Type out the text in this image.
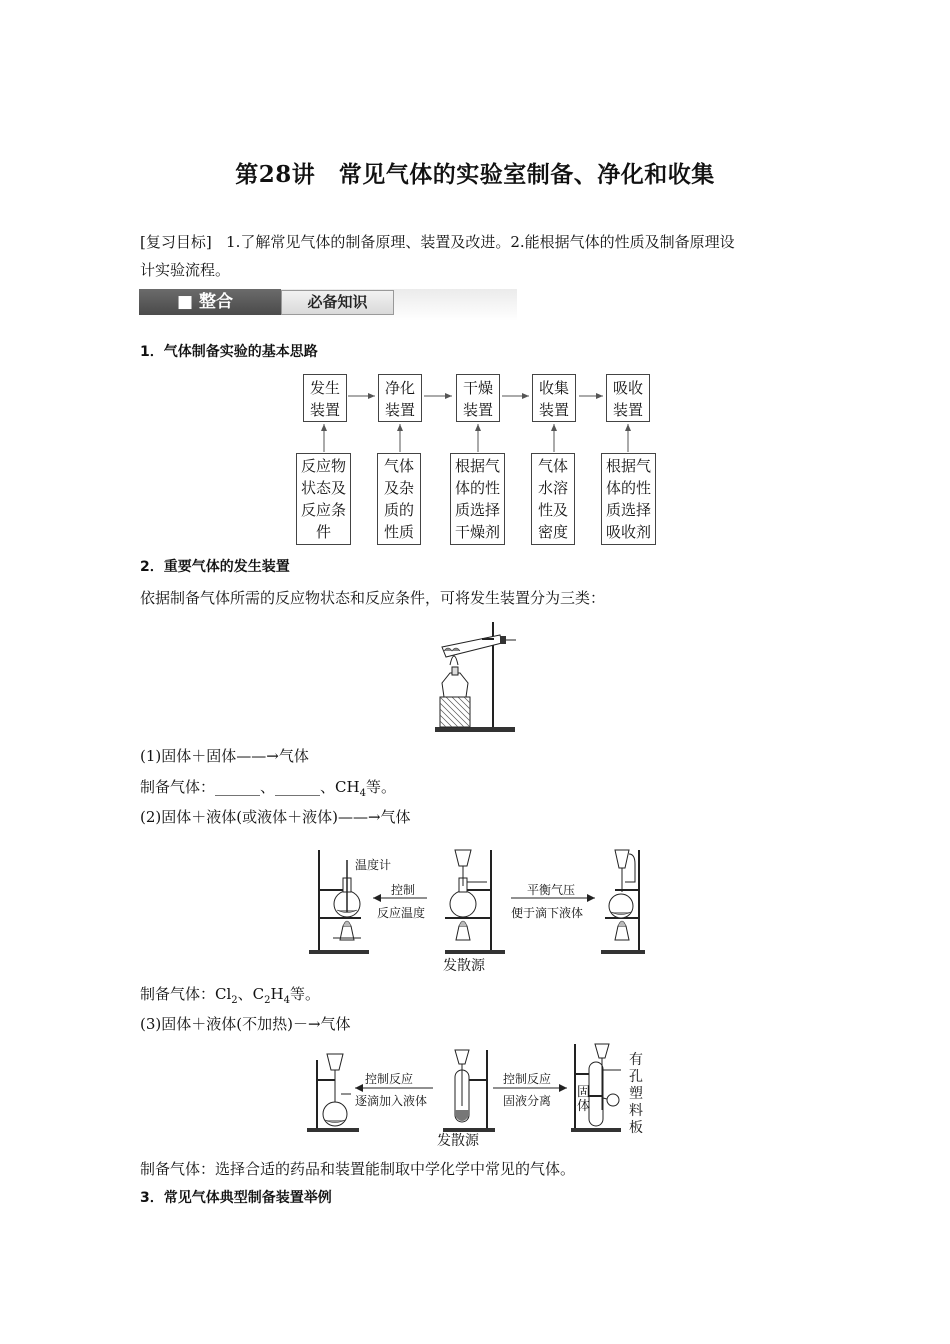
第28讲　常见气体的实验室制备、净化和收集
[复习目标] 1.了解常见气体的制备原理、装置及改进。2.能根据气体的性质及制备原理设
计实验流程。
■ 整合	必备知识
1．气体制备实验的基本思路
发生装置
净化装置
干燥装置
收集装置
吸收装置
反应物状态及反应条件
气体及杂质的性质
根据气体的性质选择干燥剂
气体水溶性及密度
根据气体的性质选择吸收剂
2．重要气体的发生装置
依据制备气体所需的反应物状态和反应条件，可将发生装置分为三类：
(1)固体＋固体——→气体
制备气体：______、______、$CH_4$等。
(2)固体＋液体(或液体＋液体)——→气体
温度计
控制
反应温度
平衡气压
便于滴下液体
发散源
制备气体：$Cl_2$、$C_2H_4$等。
(3)固体＋液体(不加热)－→气体
控制反应
逐滴加入液体
控制反应
固液分离
发散源
固体
有孔塑料板
制备气体：选择合适的药品和装置能制取中学化学中常见的气体。
3．常见气体典型制备装置举例
